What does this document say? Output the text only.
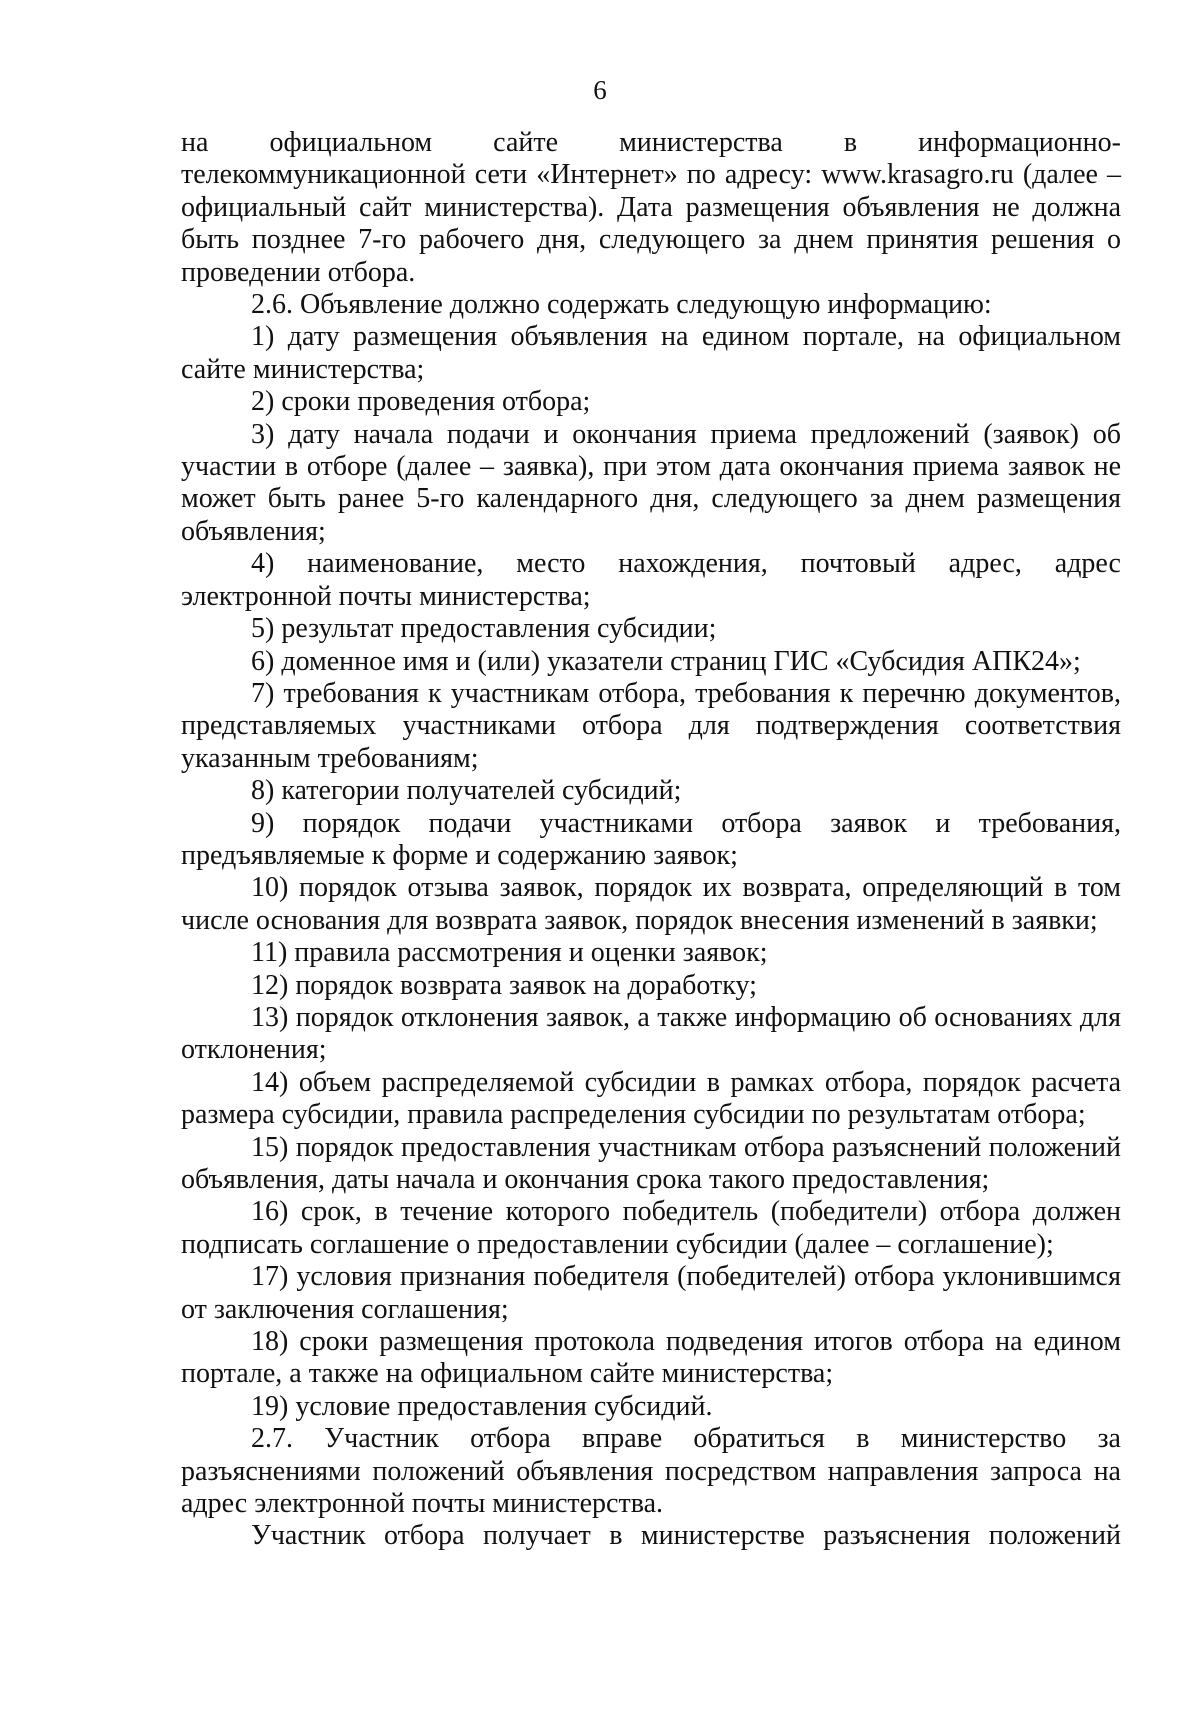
6

на официальном сайте министерства в информационно-телекоммуникационной сети «Интернет» по адресу: www.krasagro.ru (далее – официальный сайт министерства). Дата размещения объявления не должна быть позднее 7-го рабочего дня, следующего за днем принятия решения о проведении отбора.

2.6. Объявление должно содержать следующую информацию:

1) дату размещения объявления на едином портале, на официальном сайте министерства;

2) сроки проведения отбора;

3) дату начала подачи и окончания приема предложений (заявок) об участии в отборе (далее – заявка), при этом дата окончания приема заявок не может быть ранее 5-го календарного дня, следующего за днем размещения объявления;

4) наименование, место нахождения, почтовый адрес, адрес электронной почты министерства;

5) результат предоставления субсидии;

6) доменное имя и (или) указатели страниц ГИС «Субсидия АПК24»;

7) требования к участникам отбора, требования к перечню документов, представляемых участниками отбора для подтверждения соответствия указанным требованиям;

8) категории получателей субсидий;

9) порядок подачи участниками отбора заявок и требования, предъявляемые к форме и содержанию заявок;

10) порядок отзыва заявок, порядок их возврата, определяющий в том числе основания для возврата заявок, порядок внесения изменений в заявки;

11) правила рассмотрения и оценки заявок;

12) порядок возврата заявок на доработку;

13) порядок отклонения заявок, а также информацию об основаниях для отклонения;

14) объем распределяемой субсидии в рамках отбора, порядок расчета размера субсидии, правила распределения субсидии по результатам отбора;

15) порядок предоставления участникам отбора разъяснений положений объявления, даты начала и окончания срока такого предоставления;

16) срок, в течение которого победитель (победители) отбора должен подписать соглашение о предоставлении субсидии (далее – соглашение);

17) условия признания победителя (победителей) отбора уклонившимся от заключения соглашения;

18) сроки размещения протокола подведения итогов отбора на едином портале, а также на официальном сайте министерства;

19) условие предоставления субсидий.

2.7. Участник отбора вправе обратиться в министерство за разъяснениями положений объявления посредством направления запроса на адрес электронной почты министерства.

Участник отбора получает в министерстве разъяснения положений
